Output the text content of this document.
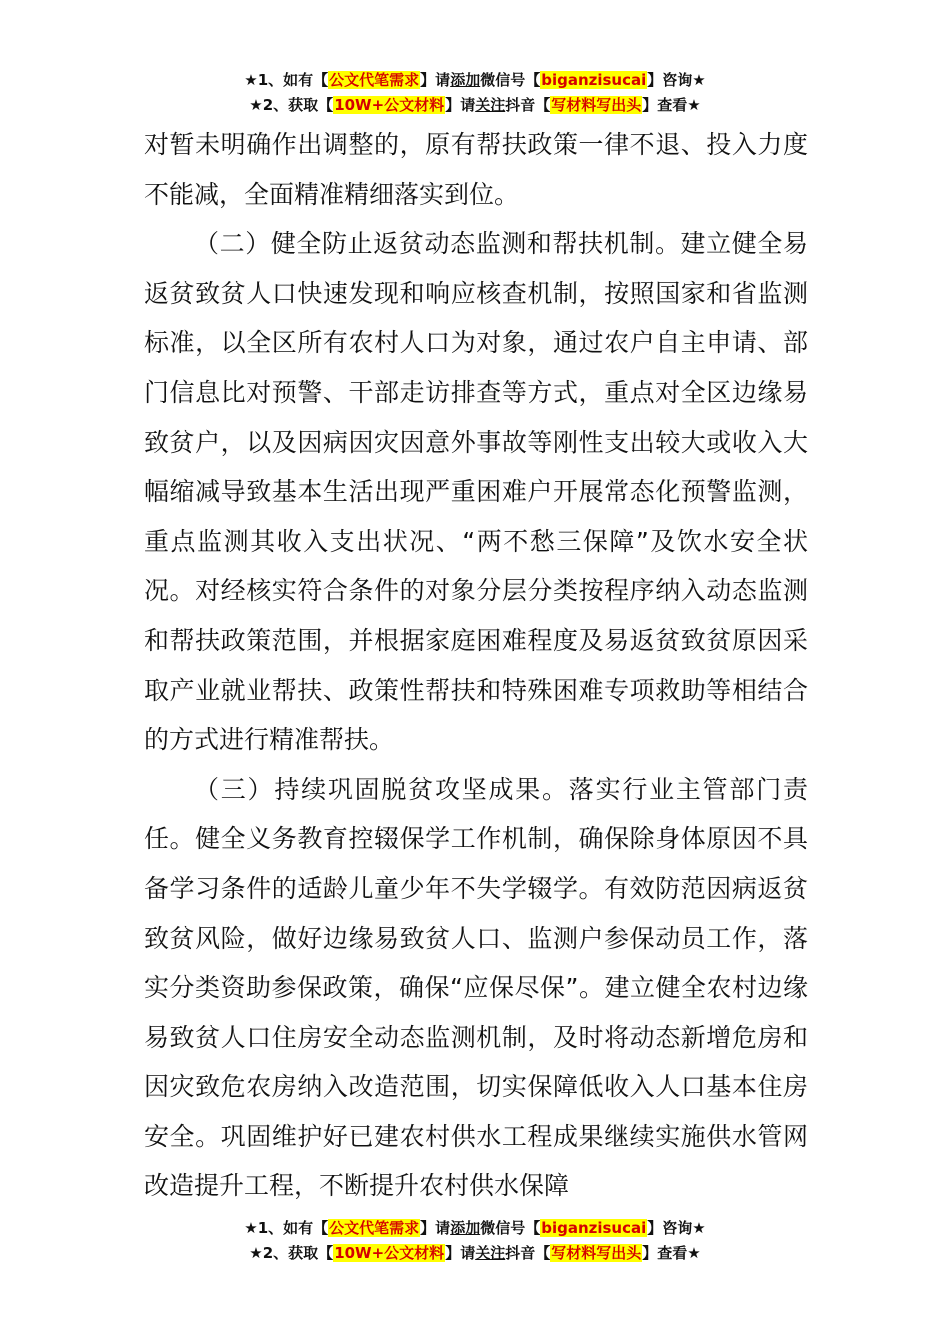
★1、如有【公文代笔需求】请添加微信号【biganzisucai】咨询★
★2、获取【10W+公文材料】请关注抖音【写材料写出头】查看★

对暂未明确作出调整的，原有帮扶政策一律不退、投入力度不能减，全面精准精细落实到位。

（二）健全防止返贫动态监测和帮扶机制。建立健全易返贫致贫人口快速发现和响应核查机制，按照国家和省监测标准，以全区所有农村人口为对象，通过农户自主申请、部门信息比对预警、干部走访排查等方式，重点对全区边缘易致贫户，以及因病因灾因意外事故等刚性支出较大或收入大幅缩减导致基本生活出现严重困难户开展常态化预警监测，重点监测其收入支出状况、“两不愁三保障”及饮水安全状况。对经核实符合条件的对象分层分类按程序纳入动态监测和帮扶政策范围，并根据家庭困难程度及易返贫致贫原因采取产业就业帮扶、政策性帮扶和特殊困难专项救助等相结合的方式进行精准帮扶。

（三）持续巩固脱贫攻坚成果。落实行业主管部门责任。健全义务教育控辍保学工作机制，确保除身体原因不具备学习条件的适龄儿童少年不失学辍学。有效防范因病返贫致贫风险，做好边缘易致贫人口、监测户参保动员工作，落实分类资助参保政策，确保“应保尽保”。建立健全农村边缘易致贫人口住房安全动态监测机制，及时将动态新增危房和因灾致危农房纳入改造范围，切实保障低收入人口基本住房安全。巩固维护好已建农村供水工程成果继续实施供水管网改造提升工程，不断提升农村供水保障

★1、如有【公文代笔需求】请添加微信号【biganzisucai】咨询★
★2、获取【10W+公文材料】请关注抖音【写材料写出头】查看★
